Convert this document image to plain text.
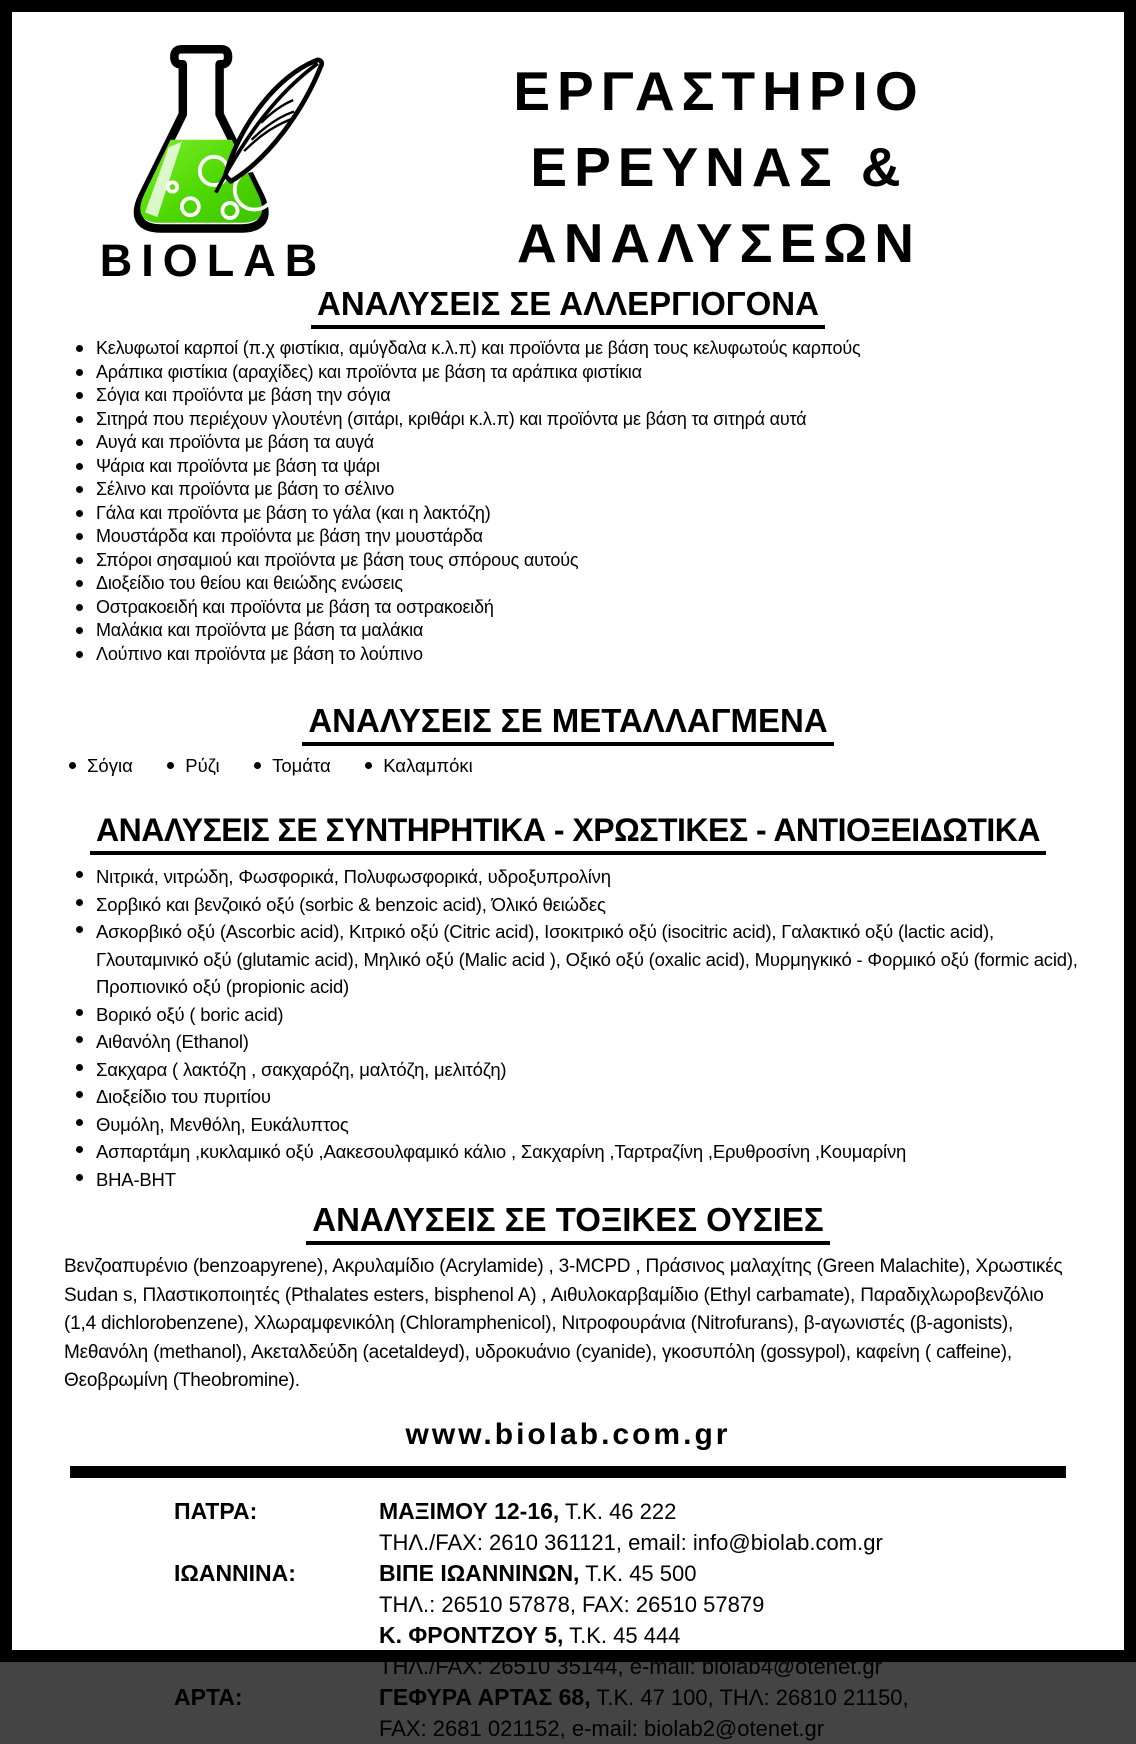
BIOLAB
ΕΡΓΑΣΤΗΡΙΟ
ΕΡΕΥΝΑΣ &
ΑΝΑΛΥΣΕΩΝ
ΑΝΑΛΥΣΕΙΣ ΣΕ ΑΛΛΕΡΓΙΟΓΟΝΑ
Κελυφωτοί καρποί (π.χ φιστίκια, αμύγδαλα κ.λ.π) και προϊόντα με βάση τους κελυφωτούς καρπούς
Αράπικα φιστίκια (αραχίδες) και προϊόντα με βάση τα αράπικα φιστίκια
Σόγια και προϊόντα με βάση την σόγια
Σιτηρά που περιέχουν γλουτένη (σιτάρι, κριθάρι κ.λ.π) και προϊόντα με βάση τα σιτηρά αυτά
Αυγά και προϊόντα με βάση τα αυγά
Ψάρια και προϊόντα με βάση τα ψάρι
Σέλινο και προϊόντα με βάση το σέλινο
Γάλα και προϊόντα με βάση το γάλα (και η λακτόζη)
Μουστάρδα και προϊόντα με βάση την μουστάρδα
Σπόροι σησαμιού και προϊόντα με βάση τους σπόρους αυτούς
Διοξείδιο του θείου και θειώδης ενώσεις
Οστρακοειδή και προϊόντα με βάση τα οστρακοειδή
Μαλάκια και προϊόντα με βάση τα μαλάκια
Λούπινο και προϊόντα με βάση το λούπινο
ΑΝΑΛΥΣΕΙΣ ΣΕ ΜΕΤΑΛΛΑΓΜΕΝΑ
Σόγια	Ρύζι	Τομάτα	Καλαμπόκι
ΑΝΑΛΥΣΕΙΣ ΣΕ ΣΥΝΤΗΡΗΤΙΚΑ - ΧΡΩΣΤΙΚΕΣ - ΑΝΤΙΟΞΕΙΔΩΤΙΚΑ
Νιτρικά, νιτρώδη, Φωσφορικά, Πολυφωσφορικά, υδροξυπρολίνη
Σορβικό και βενζοικό οξύ (sorbic & benzoic acid), Όλικό θειώδες
Ασκορβικό οξύ (Ascorbic acid), Κιτρικό οξύ (Citric acid), Ισοκιτρικό οξύ (isocitric acid), Γαλακτικό οξύ (lactic acid), Γλουταμινικό οξύ (glutamic acid), Μηλικό οξύ (Malic acid ), Οξικό οξύ (oxalic acid), Μυρμηγκικό - Φορμικό οξύ (formic acid), Προπιονικό οξύ (propionic acid)
Βορικό οξύ ( boric acid)
Αιθανόλη (Ethanol)
Σακχαρα ( λακτόζη , σακχαρόζη, μαλτόζη, μελιτόζη)
Διοξείδιο του πυριτίου
Θυμόλη, Μενθόλη, Ευκάλυπτος
Ασπαρτάμη ,κυκλαμικό οξύ ,Αακεσουλφαμικό κάλιο , Σακχαρίνη ,Ταρτραζίνη ,Ερυθροσίνη ,Κουμαρίνη
BHA-BHT
ΑΝΑΛΥΣΕΙΣ ΣΕ ΤΟΞΙΚΕΣ ΟΥΣΙΕΣ

Βενζοαπυρένιο (benzoapyrene), Ακρυλαμίδιο (Acrylamide) , 3-MCPD , Πράσινος μαλαχίτης (Green Malachite), Χρωστικές Sudan s, Πλαστικοποιητές (Pthalates esters, bisphenol A) , Αιθυλοκαρβαμίδιο (Ethyl carbamate), Παραδιχλωροβενζόλιο (1,4 dichlorobenzene), Χλωραμφενικόλη (Chloramphenicol), Νιτροφουράνια (Nitrofurans), β-αγωνιστές (β-agonists), Μεθανόλη (methanol), Ακεταλδεύδη (acetaldeyd), υδροκυάνιο (cyanide), γκοσυπόλη (gossypol), καφείνη ( caffeine), Θεοβρωμίνη (Theobromine).

www.biolab.com.gr
ΠΑΤΡΑ:	ΜΑΞΙΜΟΥ 12-16, Τ.Κ. 46 222
ΤΗΛ./FAX: 2610 361121, email: info@biolab.com.gr
ΙΩΑΝΝΙΝΑ:	ΒΙΠΕ ΙΩΑΝΝΙΝΩΝ, Τ.Κ. 45 500
ΤΗΛ.: 26510 57878, FAX: 26510 57879
Κ. ΦΡΟΝΤΖΟΥ 5, Τ.Κ. 45 444
ΤΗΛ./FAX: 26510 35144, e-mail: biolab4@otenet.gr
ΑΡΤΑ:	ΓΕΦΥΡΑ ΑΡΤΑΣ 68, Τ.Κ. 47 100, ΤΗΛ: 26810 21150,
FAX: 2681 021152, e-mail: biolab2@otenet.gr
